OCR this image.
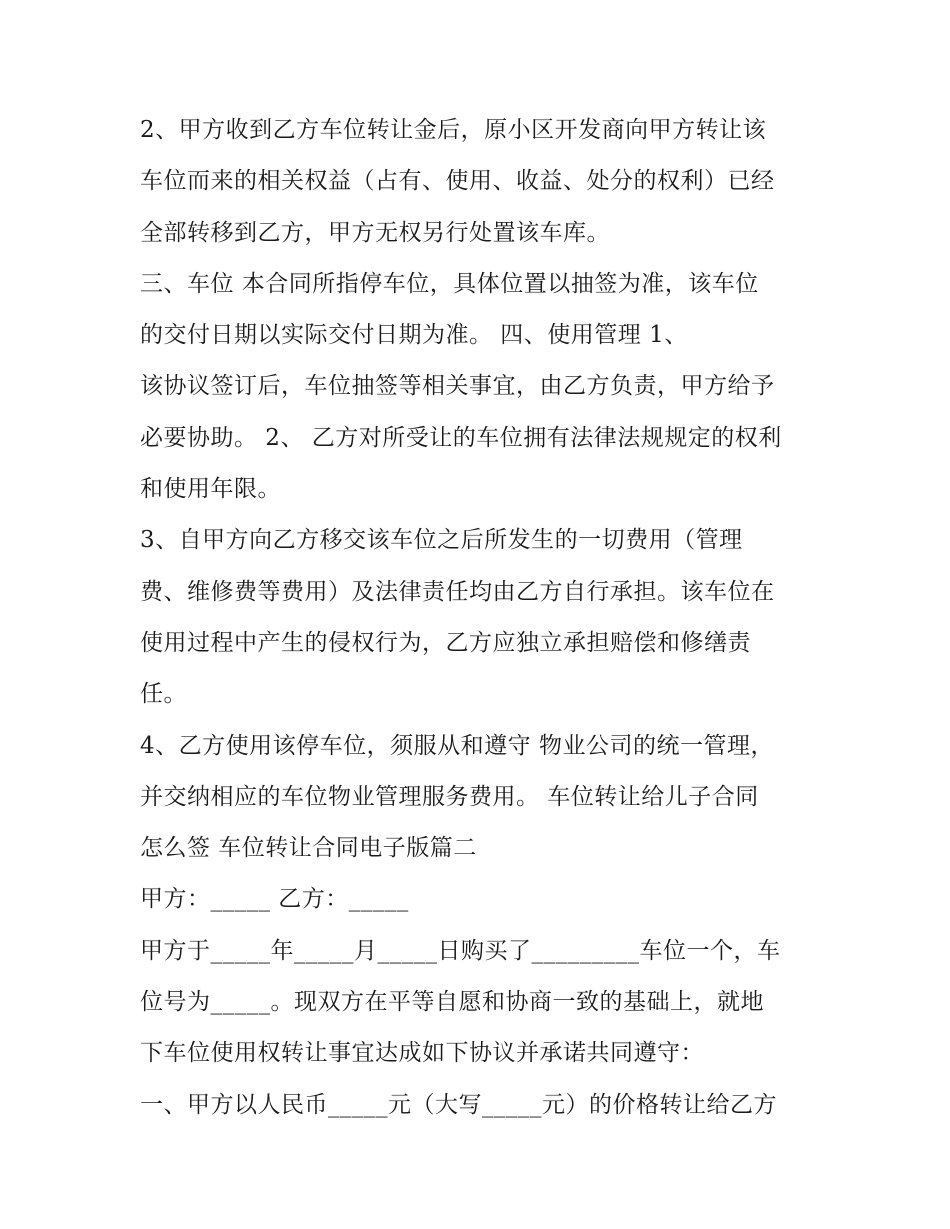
2、甲方收到乙方车位转让金后，原小区开发商向甲方转让该
车位而来的相关权益（占有、使用、收益、处分的权利）已经
全部转移到乙方，甲方无权另行处置该车库。
三、车位 本合同所指停车位，具体位置以抽签为准，该车位
的交付日期以实际交付日期为准。 四、使用管理 1、
该协议签订后，车位抽签等相关事宜，由乙方负责，甲方给予
必要协助。 2、 乙方对所受让的车位拥有法律法规规定的权利
和使用年限。
3、自甲方向乙方移交该车位之后所发生的一切费用（管理
费、维修费等费用）及法律责任均由乙方自行承担。该车位在
使用过程中产生的侵权行为，乙方应独立承担赔偿和修缮责
任。
4、乙方使用该停车位，须服从和遵守 物业公司的统一管理，
并交纳相应的车位物业管理服务费用。 车位转让给儿子合同
怎么签 车位转让合同电子版篇二
甲方：_____ 乙方：_____
甲方于_____年_____月_____日购买了_________车位一个，车
位号为_____。现双方在平等自愿和协商一致的基础上，就地
下车位使用权转让事宜达成如下协议并承诺共同遵守：
一、甲方以人民币_____元（大写_____元）的价格转让给乙方
